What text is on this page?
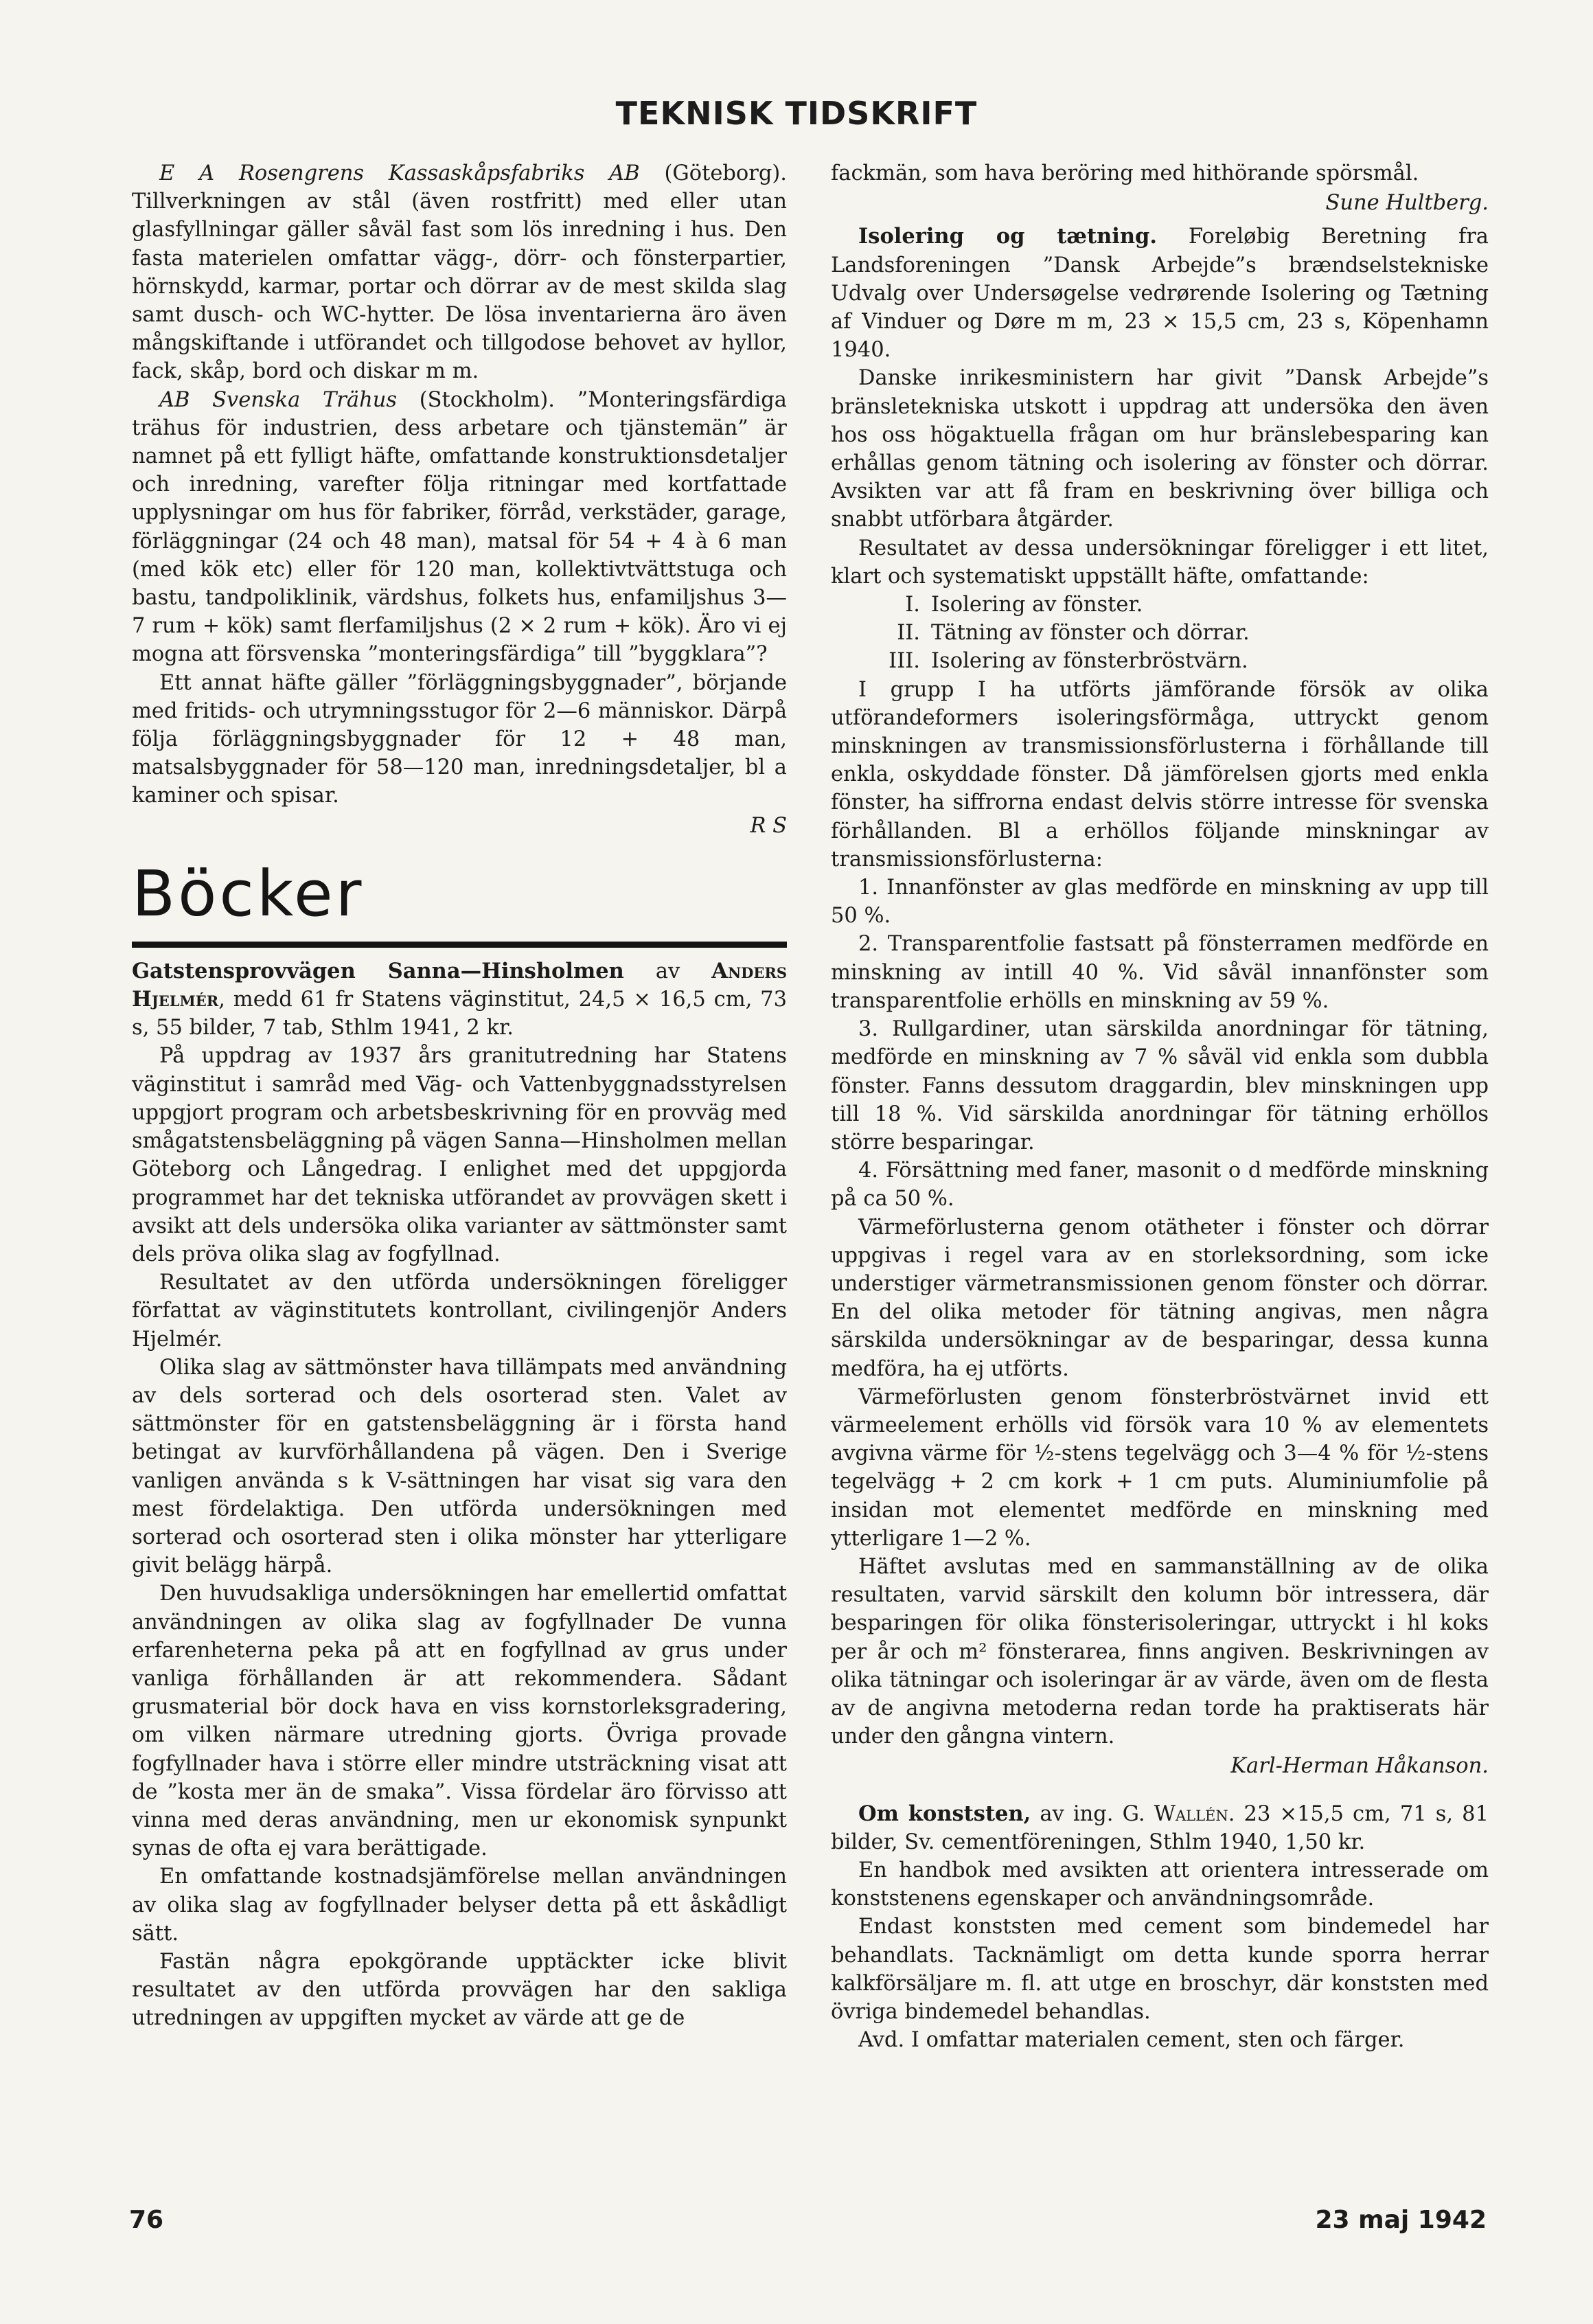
TEKNISK TIDSKRIFT

E A Rosengrens Kassaskåpsfabriks AB (Göteborg). Tillverkningen av stål (även rostfritt) med eller utan glasfyllningar gäller såväl fast som lös inredning i hus. Den fasta materielen omfattar vägg-, dörr- och fönsterpartier, hörnskydd, karmar, portar och dörrar av de mest skilda slag samt dusch- och WC-hytter. De lösa inventarierna äro även mångskiftande i utförandet och tillgodose behovet av hyllor, fack, skåp, bord och diskar m m.

AB Svenska Trähus (Stockholm). ”Monteringsfärdiga trähus för industrien, dess arbetare och tjänstemän” är namnet på ett fylligt häfte, omfattande konstruktionsdetaljer och inredning, varefter följa ritningar med kortfattade upplysningar om hus för fabriker, förråd, verkstäder, garage, förläggningar (24 och 48 man), matsal för 54 + 4 à 6 man (med kök etc) eller för 120 man, kollektivtvättstuga och bastu, tandpoliklinik, värdshus, folkets hus, enfamiljshus 3—7 rum + kök) samt flerfamiljshus (2 × 2 rum + kök). Äro vi ej mogna att försvenska ”monteringsfärdiga” till ”byggklara”?

Ett annat häfte gäller ”förläggningsbyggnader”, börjande med fritids- och utrymningsstugor för 2—6 människor. Därpå följa förläggningsbyggnader för 12 + 48 man, matsalsbyggnader för 58—120 man, inredningsdetaljer, bl a kaminer och spisar.

R S
Böcker

Gatstensprovvägen Sanna—Hinsholmen av Anders Hjelmér, medd 61 fr Statens väginstitut, 24,5 × 16,5 cm, 73 s, 55 bilder, 7 tab, Sthlm 1941, 2 kr.

På uppdrag av 1937 års granitutredning har Statens väginstitut i samråd med Väg- och Vattenbyggnadsstyrelsen uppgjort program och arbetsbeskrivning för en provväg med smågatstensbeläggning på vägen Sanna—Hinsholmen mellan Göteborg och Långedrag. I enlighet med det uppgjorda programmet har det tekniska utförandet av provvägen skett i avsikt att dels undersöka olika varianter av sättmönster samt dels pröva olika slag av fogfyllnad.

Resultatet av den utförda undersökningen föreligger författat av väginstitutets kontrollant, civilingenjör Anders Hjelmér.

Olika slag av sättmönster hava tillämpats med användning av dels sorterad och dels osorterad sten. Valet av sättmönster för en gatstensbeläggning är i första hand betingat av kurvförhållandena på vägen. Den i Sverige vanligen använda s k V-sättningen har visat sig vara den mest fördelaktiga. Den utförda undersökningen med sorterad och osorterad sten i olika mönster har ytterligare givit belägg härpå.

Den huvudsakliga undersökningen har emellertid omfattat användningen av olika slag av fogfyllnader De vunna erfarenheterna peka på att en fogfyllnad av grus under vanliga förhållanden är att rekommendera. Sådant grusmaterial bör dock hava en viss kornstorleksgradering, om vilken närmare utredning gjorts. Övriga provade fogfyllnader hava i större eller mindre utsträckning visat att de ”kosta mer än de smaka”. Vissa fördelar äro förvisso att vinna med deras användning, men ur ekonomisk synpunkt synas de ofta ej vara berättigade.

En omfattande kostnadsjämförelse mellan användningen av olika slag av fogfyllnader belyser detta på ett åskådligt sätt.

Fastän några epokgörande upptäckter icke blivit resultatet av den utförda provvägen har den sakliga utredningen av uppgiften mycket av värde att ge de

fackmän, som hava beröring med hithörande spörsmål.

Sune Hultberg.

Isolering og tætning. Foreløbig Beretning fra Landsforeningen ”Dansk Arbejde”s brændselstekniske Udvalg over Undersøgelse vedrørende Isolering og Tætning af Vinduer og Døre m m, 23 × 15,5 cm, 23 s, Köpenhamn 1940.

Danske inrikesministern har givit ”Dansk Arbejde”s bränsletekniska utskott i uppdrag att undersöka den även hos oss högaktuella frågan om hur bränslebesparing kan erhållas genom tätning och isolering av fönster och dörrar. Avsikten var att få fram en beskrivning över billiga och snabbt utförbara åtgärder.

Resultatet av dessa undersökningar föreligger i ett litet, klart och systematiskt uppställt häfte, omfattande:

I. Isolering av fönster.
II. Tätning av fönster och dörrar.
III. Isolering av fönsterbröstvärn.

I grupp I ha utförts jämförande försök av olika utförandeformers isoleringsförmåga, uttryckt genom minskningen av transmissionsförlusterna i förhållande till enkla, oskyddade fönster. Då jämförelsen gjorts med enkla fönster, ha siffrorna endast delvis större intresse för svenska förhållanden. Bl a erhöllos följande minskningar av transmissionsförlusterna:

1. Innanfönster av glas medförde en minskning av upp till 50 %.

2. Transparentfolie fastsatt på fönsterramen medförde en minskning av intill 40 %. Vid såväl innanfönster som transparentfolie erhölls en minskning av 59 %.

3. Rullgardiner, utan särskilda anordningar för tätning, medförde en minskning av 7 % såväl vid enkla som dubbla fönster. Fanns dessutom draggardin, blev minskningen upp till 18 %. Vid särskilda anordningar för tätning erhöllos större besparingar.

4. Försättning med faner, masonit o d medförde minskning på ca 50 %.

Värmeförlusterna genom otätheter i fönster och dörrar uppgivas i regel vara av en storleksordning, som icke understiger värmetransmissionen genom fönster och dörrar. En del olika metoder för tätning angivas, men några särskilda undersökningar av de besparingar, dessa kunna medföra, ha ej utförts.

Värmeförlusten genom fönsterbröstvärnet invid ett värmeelement erhölls vid försök vara 10 % av elementets avgivna värme för ½-stens tegelvägg och 3—4 % för ½-stens tegelvägg + 2 cm kork + 1 cm puts. Aluminiumfolie på insidan mot elementet medförde en minskning med ytterligare 1—2 %.

Häftet avslutas med en sammanställning av de olika resultaten, varvid särskilt den kolumn bör intressera, där besparingen för olika fönsterisoleringar, uttryckt i hl koks per år och m² fönsterarea, finns angiven. Beskrivningen av olika tätningar och isoleringar är av värde, även om de flesta av de angivna metoderna redan torde ha praktiserats här under den gångna vintern.

Karl-Herman Håkanson.

Om konststen, av ing. G. Wallén. 23 ×15,5 cm, 71 s, 81 bilder, Sv. cementföreningen, Sthlm 1940, 1,50 kr.

En handbok med avsikten att orientera intresserade om konststenens egenskaper och användningsområde.

Endast konststen med cement som bindemedel har behandlats. Tacknämligt om detta kunde sporra herrar kalkförsäljare m. fl. att utge en broschyr, där konststen med övriga bindemedel behandlas.

Avd. I omfattar materialen cement, sten och färger.

76	23 maj 1942
